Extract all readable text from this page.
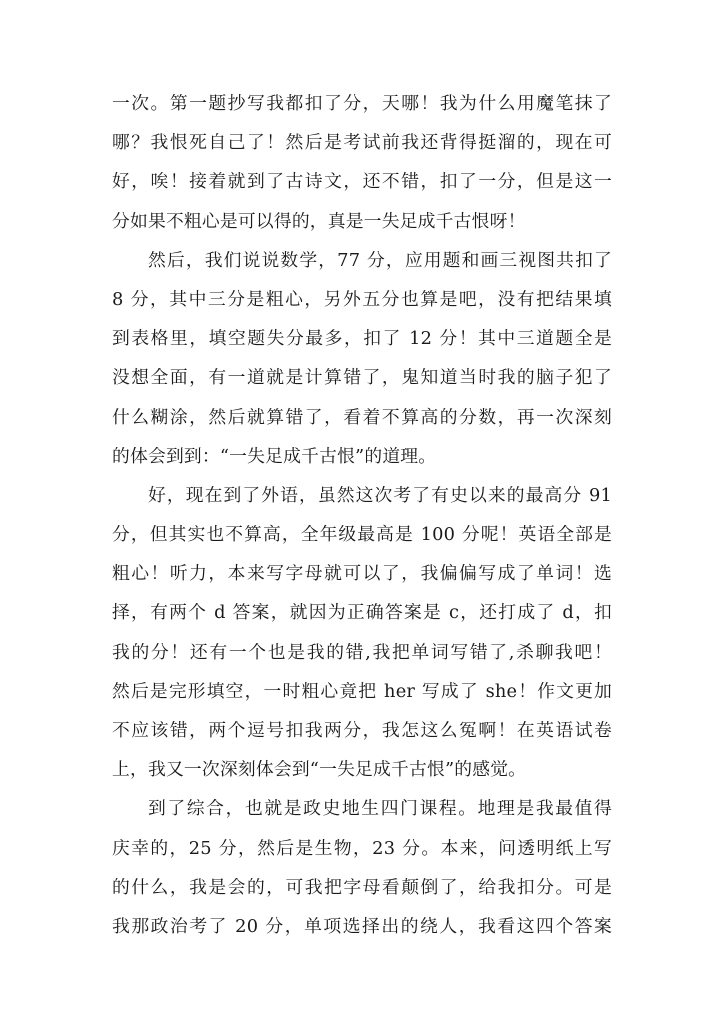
一次。第一题抄写我都扣了分，天哪！我为什么用魔笔抹了
哪？我恨死自己了！然后是考试前我还背得挺溜的，现在可
好，唉！接着就到了古诗文，还不错，扣了一分，但是这一
分如果不粗心是可以得的，真是一失足成千古恨呀！
然后，我们说说数学，77 分，应用题和画三视图共扣了
8 分，其中三分是粗心，另外五分也算是吧，没有把结果填
到表格里，填空题失分最多，扣了 12 分！其中三道题全是
没想全面，有一道就是计算错了，鬼知道当时我的脑子犯了
什么糊涂，然后就算错了，看着不算高的分数，再一次深刻
的体会到到：“一失足成千古恨”的道理。
好，现在到了外语，虽然这次考了有史以来的最高分 91
分，但其实也不算高，全年级最高是 100 分呢！英语全部是
粗心！听力，本来写字母就可以了，我偏偏写成了单词！选
择，有两个 d 答案，就因为正确答案是 c，还打成了 d，扣
我的分！还有一个也是我的错,我把单词写错了,杀聊我吧！
然后是完形填空，一时粗心竟把 her 写成了 she！作文更加
不应该错，两个逗号扣我两分，我怎这么冤啊！在英语试卷
上，我又一次深刻体会到“一失足成千古恨”的感觉。
到了综合，也就是政史地生四门课程。地理是我最值得
庆幸的，25 分，然后是生物，23 分。本来，问透明纸上写
的什么，我是会的，可我把字母看颠倒了，给我扣分。可是
我那政治考了 20 分，单项选择出的绕人，我看这四个答案
